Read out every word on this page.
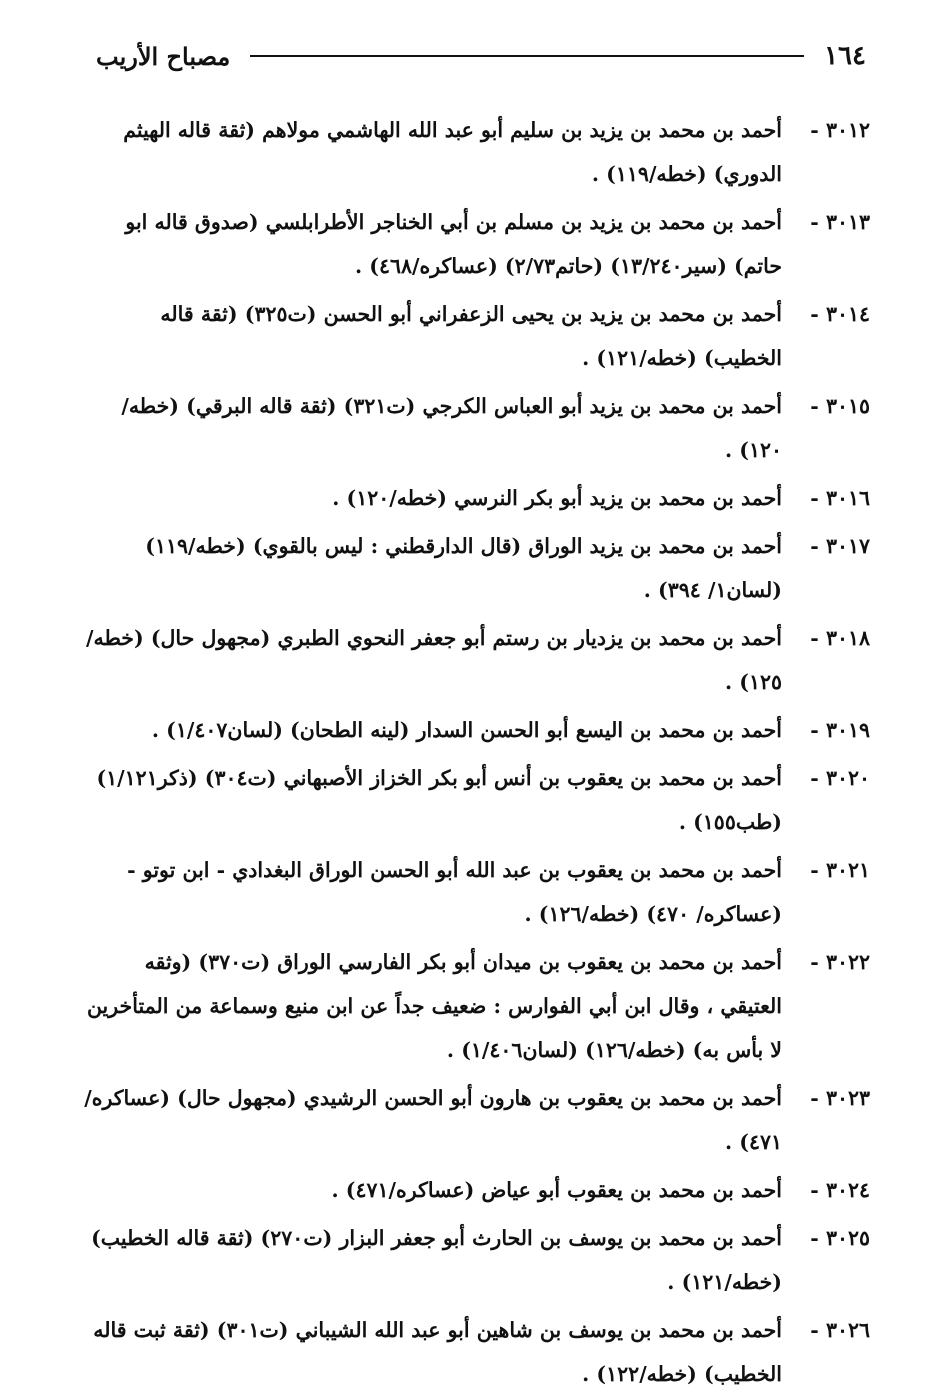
١٦٤
مصباح الأريب

٣٠١٢ -أحمد بن محمد بن يزيد بن سليم أبو عبد الله الهاشمي مولاهم (ثقة قاله الهيثم الدوري) (خطه/١١٩) .

٣٠١٣ -أحمد بن محمد بن يزيد بن مسلم بن أبي الخناجر الأطرابلسي (صدوق قاله ابو حاتم) (سير١٣/٢٤٠) (حاتم٢/٧٣) (عساكره/٤٦٨) .

٣٠١٤ -أحمد بن محمد بن يزيد بن يحيى الزعفراني أبو الحسن (ت٣٢٥) (ثقة قاله الخطيب) (خطه/١٢١) .

٣٠١٥ -أحمد بن محمد بن يزيد أبو العباس الكرجي (ت٣٢١) (ثقة قاله البرقي) (خطه/١٢٠) .

٣٠١٦ -أحمد بن محمد بن يزيد أبو بكر النرسي (خطه/١٢٠) .

٣٠١٧ -أحمد بن محمد بن يزيد الوراق (قال الدارقطني : ليس بالقوي) (خطه/١١٩) (لسان١/ ٣٩٤) .

٣٠١٨ -أحمد بن محمد بن يزديار بن رستم أبو جعفر النحوي الطبري (مجهول حال) (خطه/ ١٢٥) .

٣٠١٩ -أحمد بن محمد بن اليسع أبو الحسن السدار (لينه الطحان) (لسان١/٤٠٧) .

٣٠٢٠ -أحمد بن محمد بن يعقوب بن أنس أبو بكر الخزاز الأصبهاني (ت٣٠٤) (ذكر١/١٢١) (طب١٥٥) .

٣٠٢١ -أحمد بن محمد بن يعقوب بن عبد الله أبو الحسن الوراق البغدادي - ابن توتو - (عساكره/ ٤٧٠) (خطه/١٢٦) .

٣٠٢٢ -أحمد بن محمد بن يعقوب بن ميدان أبو بكر الفارسي الوراق (ت٣٧٠) (وثقه العتيقي ، وقال ابن أبي الفوارس : ضعيف جداً عن ابن منيع وسماعة من المتأخرين لا بأس به) (خطه/١٢٦) (لسان١/٤٠٦) .

٣٠٢٣ -أحمد بن محمد بن يعقوب بن هارون أبو الحسن الرشيدي (مجهول حال) (عساكره/ ٤٧١) .

٣٠٢٤ -أحمد بن محمد بن يعقوب أبو عياض (عساكره/٤٧١) .

٣٠٢٥ -أحمد بن محمد بن يوسف بن الحارث أبو جعفر البزار (ت٢٧٠) (ثقة قاله الخطيب) (خطه/١٢١) .

٣٠٢٦ -أحمد بن محمد بن يوسف بن شاهين أبو عبد الله الشيباني (ت٣٠١) (ثقة ثبت قاله الخطيب) (خطه/١٢٢) .
